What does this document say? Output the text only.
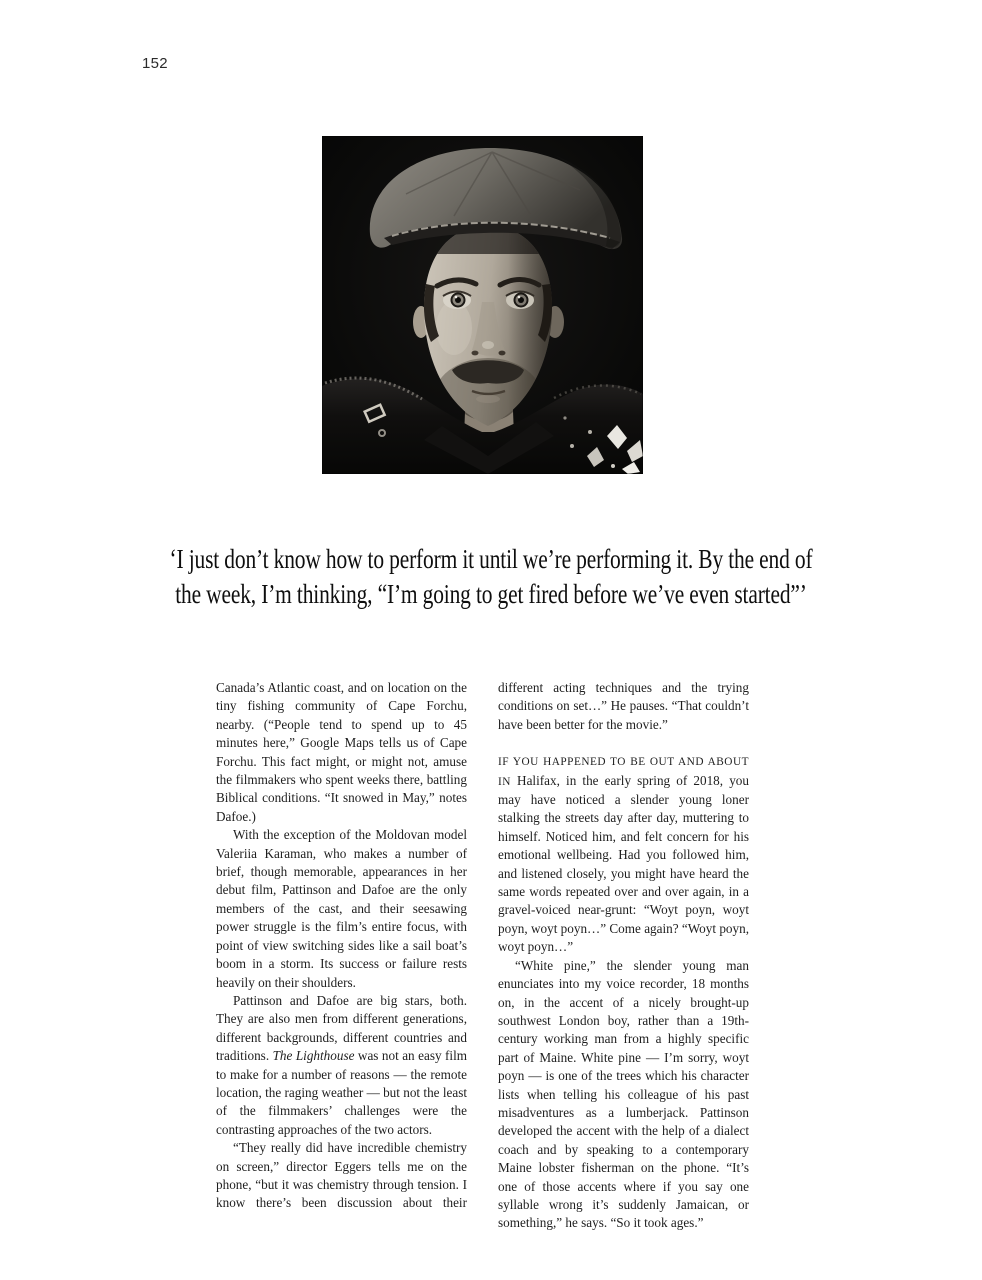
152
‘I just don’t know how to perform it until we’re performing it. By the end of
the week, I’m thinking, “I’m going to get fired before we’ve even started”’

Canada’s Atlantic coast, and on location on the tiny fishing community of Cape Forchu, nearby. (“People tend to spend up to 45 minutes here,” Google Maps tells us of Cape Forchu. This fact might, or might not, amuse the filmmakers who spent weeks there, battling Biblical conditions. “It snowed in May,” notes Dafoe.)

With the exception of the Moldovan model Valeriia Karaman, who makes a number of brief, though memorable, appearances in her debut film, Pattinson and Dafoe are the only members of the cast, and their seesawing power struggle is the film’s entire focus, with point of view switching sides like a sail boat’s boom in a storm. Its success or failure rests heavily on their shoulders.

Pattinson and Dafoe are big stars, both. They are also men from different generations, different backgrounds, different countries and traditions. The Lighthouse was not an easy film to make for a number of reasons — the remote location, the raging weather — but not the least of the filmmakers’ challenges were the contrasting approaches of the two actors.

“They really did have incredible chemistry on screen,” director Eggers tells me on the phone, “but it was chemistry through tension. I know there’s been discussion about their

different acting techniques and the trying conditions on set…” He pauses. “That couldn’t have been better for the movie.”

IF YOU HAPPENED TO BE OUT AND ABOUT IN Halifax, in the early spring of 2018, you may have noticed a slender young loner stalking the streets day after day, muttering to himself. Noticed him, and felt concern for his emotional wellbeing. Had you followed him, and listened closely, you might have heard the same words repeated over and over again, in a gravel-voiced near-grunt: “Woyt poyn, woyt poyn, woyt poyn…” Come again? “Woyt poyn, woyt poyn…”

“White pine,” the slender young man enunciates into my voice recorder, 18 months on, in the accent of a nicely brought-up southwest London boy, rather than a 19th-century working man from a highly specific part of Maine. White pine — I’m sorry, woyt poyn — is one of the trees which his character lists when telling his colleague of his past misadventures as a lumberjack. Pattinson developed the accent with the help of a dialect coach and by speaking to a contemporary Maine lobster fisherman on the phone. “It’s one of those accents where if you say one syllable wrong it’s suddenly Jamaican, or something,” he says. “So it took ages.”
